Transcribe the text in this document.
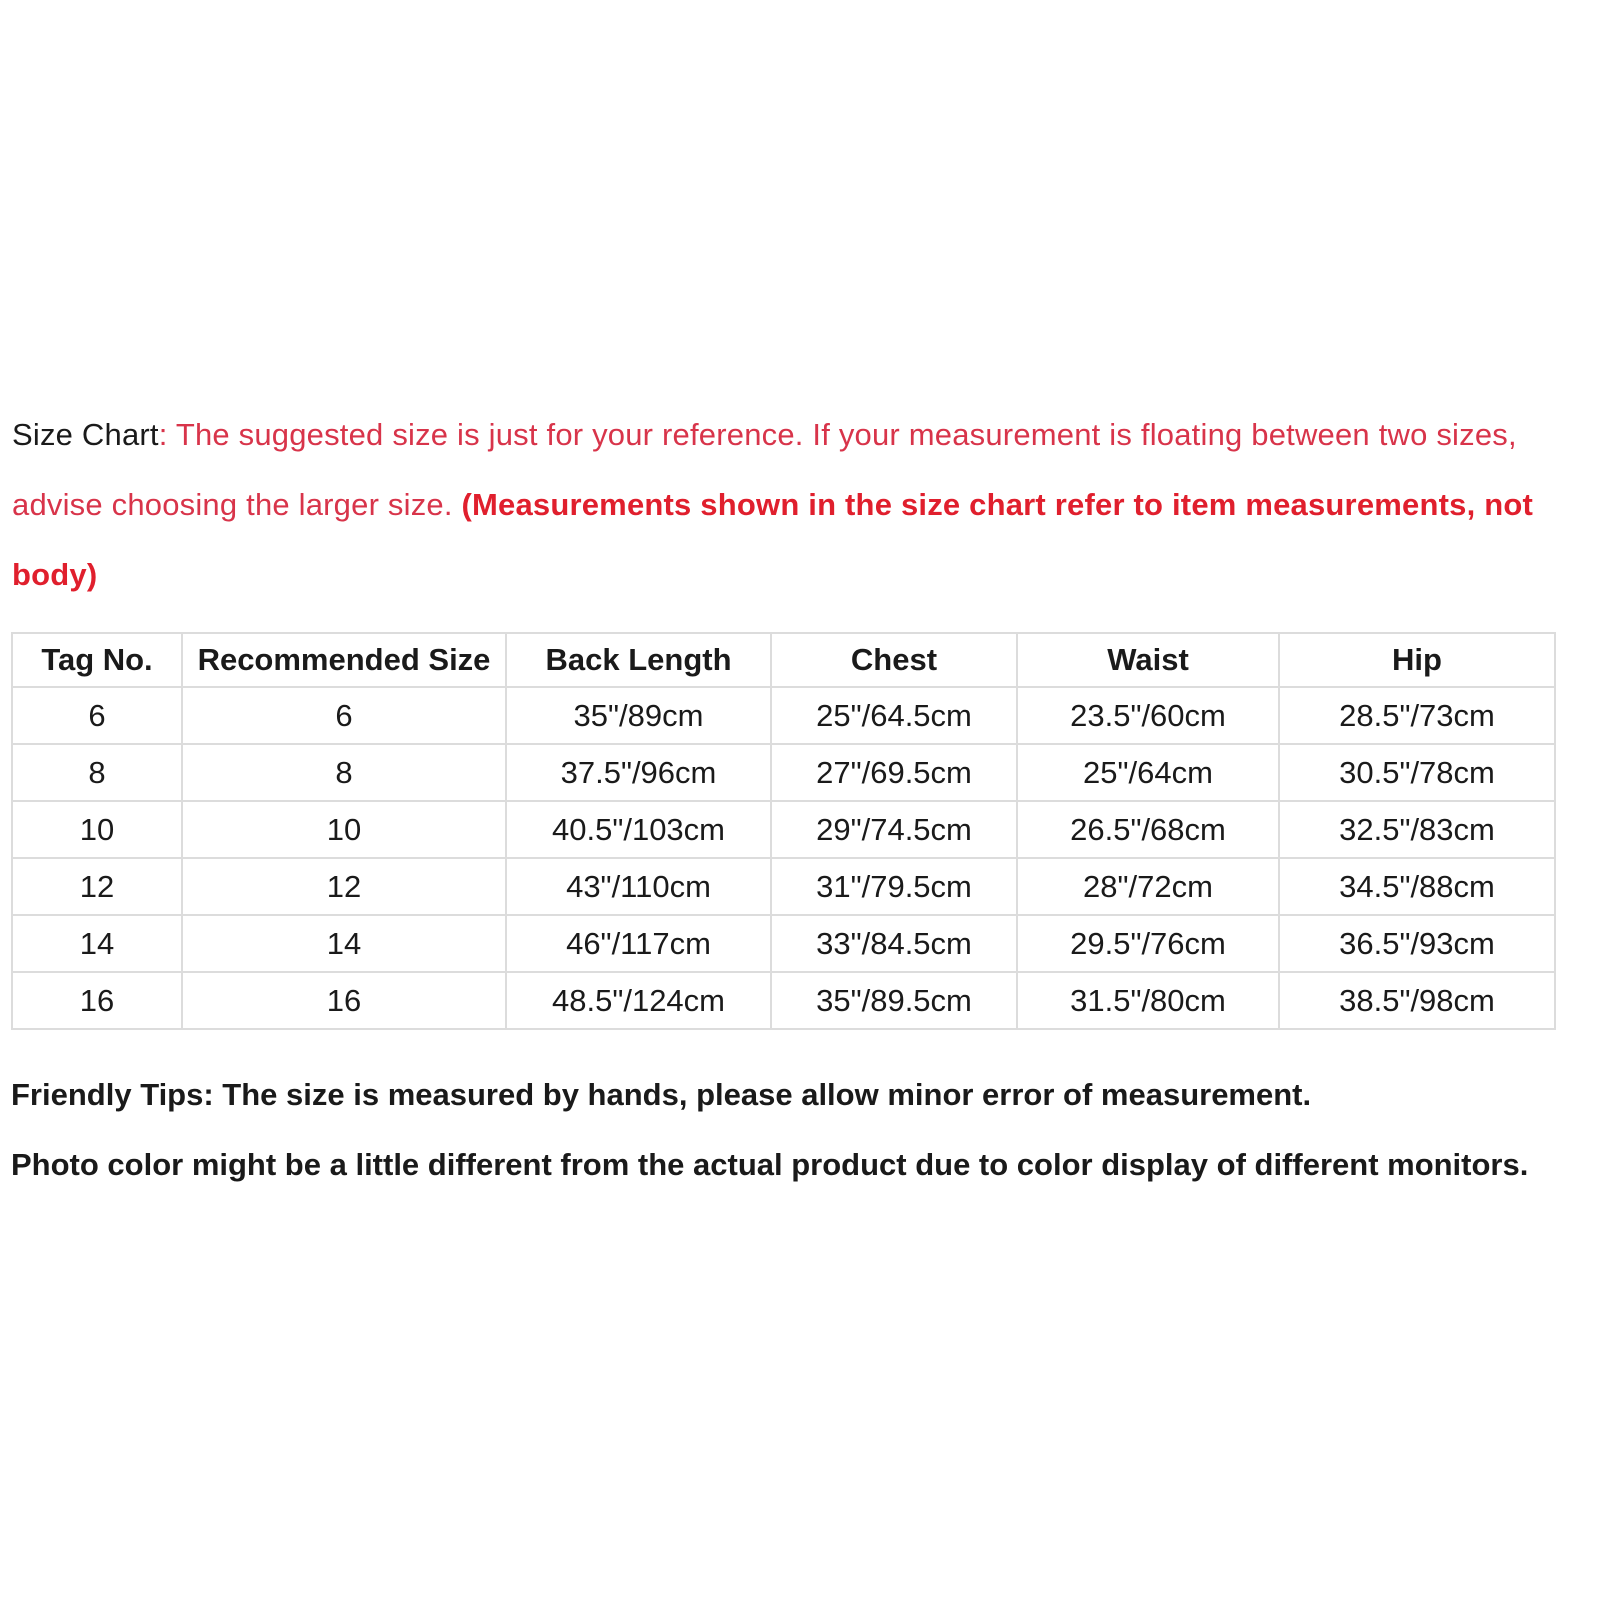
Size Chart: The suggested size is just for your reference. If your measurement is floating between two sizes, advise choosing the larger size. (Measurements shown in the size chart refer to item measurements, not body)
Tag No.	Recommended Size	Back Length	Chest	Waist	Hip
6	6	35"/89cm	25"/64.5cm	23.5"/60cm	28.5"/73cm
8	8	37.5"/96cm	27"/69.5cm	25"/64cm	30.5"/78cm
10	10	40.5"/103cm	29"/74.5cm	26.5"/68cm	32.5"/83cm
12	12	43"/110cm	31"/79.5cm	28"/72cm	34.5"/88cm
14	14	46"/117cm	33"/84.5cm	29.5"/76cm	36.5"/93cm
16	16	48.5"/124cm	35"/89.5cm	31.5"/80cm	38.5"/98cm

Friendly Tips: The size is measured by hands, please allow minor error of measurement.

Photo color might be a little different from the actual product due to color display of different monitors.
